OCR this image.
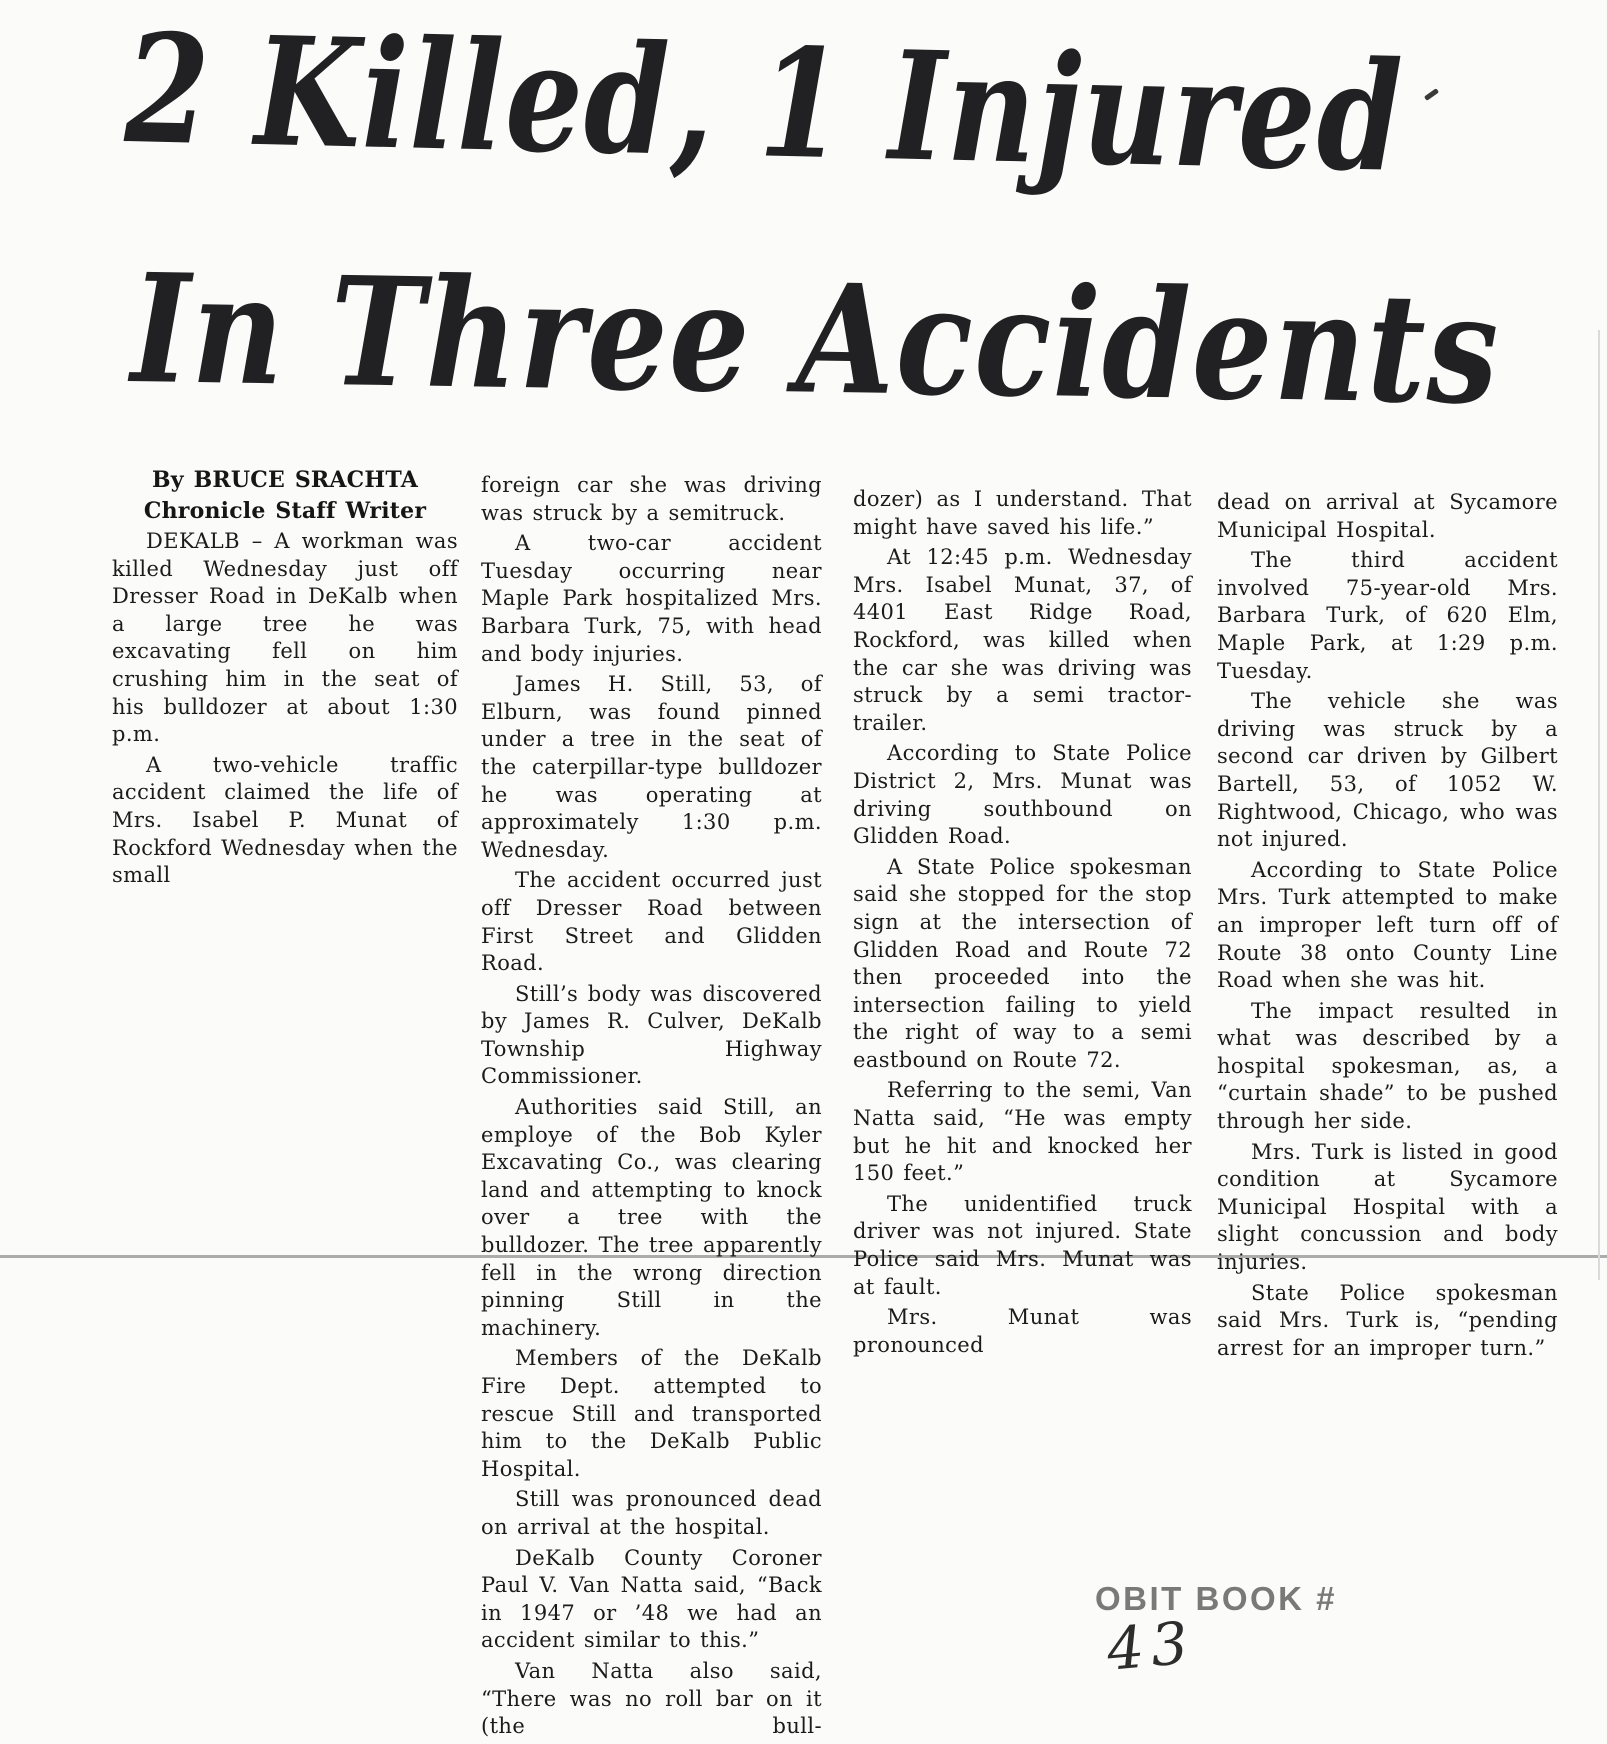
2 Killed, 1 Injured
In Three Accidents

By BRUCE SRACHTA

Chronicle Staff Writer

DEKALB – A workman was killed Wednesday just off Dresser Road in DeKalb when a large tree he was excavating fell on him crushing him in the seat of his bulldozer at about 1:30 p.m.

A two-vehicle traffic accident claimed the life of Mrs. Isabel P. Munat of Rockford Wednesday when the small

foreign car she was driving was struck by a semitruck.

A two-car accident Tuesday occurring near Maple Park hospitalized Mrs. Barbara Turk, 75, with head and body injuries.

James H. Still, 53, of Elburn, was found pinned under a tree in the seat of the caterpillar-type bulldozer he was operating at approximately 1:30 p.m. Wednesday.

The accident occurred just off Dresser Road between First Street and Glidden Road.

Still’s body was discovered by James R. Culver, DeKalb Township Highway Commissioner.

Authorities said Still, an employe of the Bob Kyler Excavating Co., was clearing land and attempting to knock over a tree with the bulldozer. The tree apparently fell in the wrong direction pinning Still in the machinery.

Members of the DeKalb Fire Dept. attempted to rescue Still and transported him to the DeKalb Public Hospital.

Still was pronounced dead on arrival at the hospital.

DeKalb County Coroner Paul V. Van Natta said, “Back in 1947 or ’48 we had an accident similar to this.”

Van Natta also said, “There was no roll bar on it (the bull-

dozer) as I understand. That might have saved his life.”

At 12:45 p.m. Wednesday Mrs. Isabel Munat, 37, of 4401 East Ridge Road, Rockford, was killed when the car she was driving was struck by a semi tractor-trailer.

According to State Police District 2, Mrs. Munat was driving southbound on Glidden Road.

A State Police spokesman said she stopped for the stop sign at the intersection of Glidden Road and Route 72 then proceeded into the intersection failing to yield the right of way to a semi eastbound on Route 72.

Referring to the semi, Van Natta said, “He was empty but he hit and knocked her 150 feet.”

The unidentified truck driver was not injured. State Police said Mrs. Munat was at fault.

Mrs. Munat was pronounced

dead on arrival at Sycamore Municipal Hospital.

The third accident involved 75-year-old Mrs. Barbara Turk, of 620 Elm, Maple Park, at 1:29 p.m. Tuesday.

The vehicle she was driving was struck by a second car driven by Gilbert Bartell, 53, of 1052 W. Rightwood, Chicago, who was not injured.

According to State Police Mrs. Turk attempted to make an improper left turn off of Route 38 onto County Line Road when she was hit.

The impact resulted in what was described by a hospital spokesman, as, a “curtain shade” to be pushed through her side.

Mrs. Turk is listed in good condition at Sycamore Municipal Hospital with a slight concussion and body injuries.

State Police spokesman said Mrs. Turk is, “pending arrest for an improper turn.”

OBIT BOOK #
43
